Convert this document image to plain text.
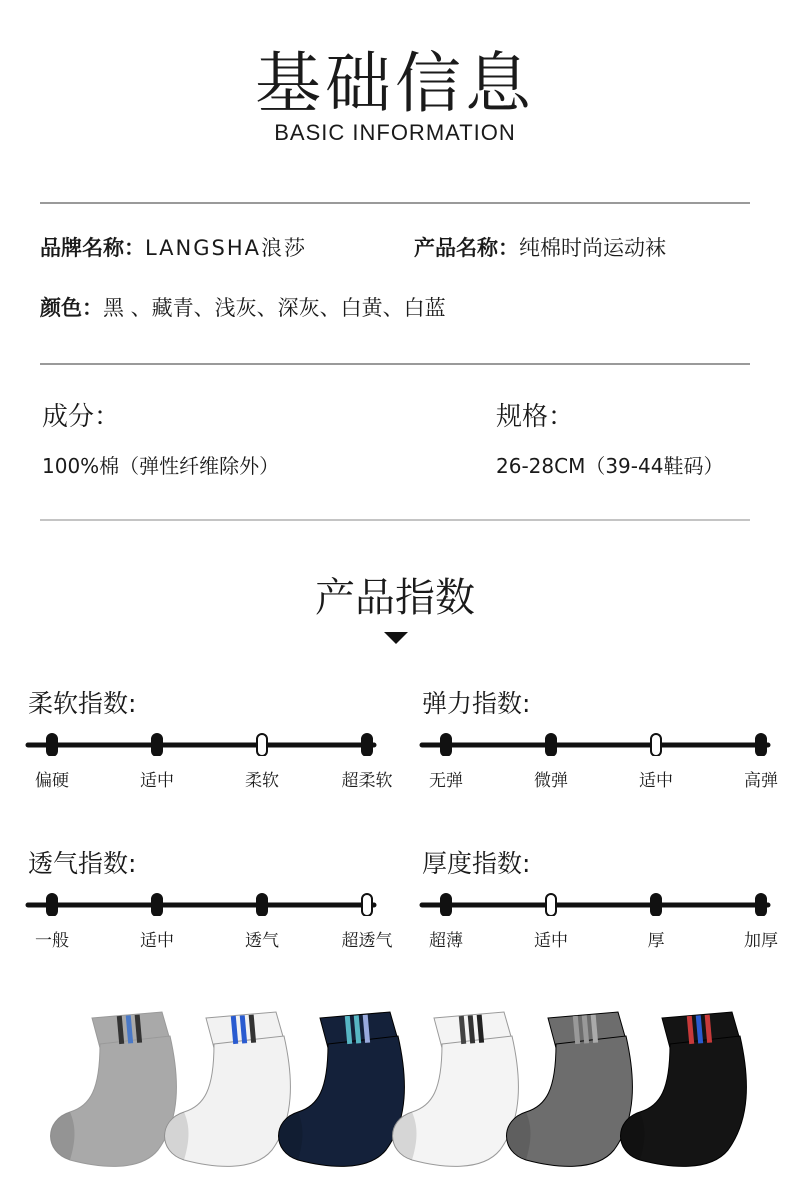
基础信息
BASIC INFORMATION
品牌名称：LANGSHA浪莎	产品名称：纯棉时尚运动袜
颜色：黑 、藏青、浅灰、深灰、白黄、白蓝
成分：
100%棉（弹性纤维除外）
规格：
26-28CM（39-44鞋码）
产品指数
柔软指数:	弹力指数:
透气指数:	厚度指数:
偏硬	适中	柔软	超柔软 无弹	微弹	适中	高弹
一般	适中	透气	超透气 超薄	适中	厚	加厚
